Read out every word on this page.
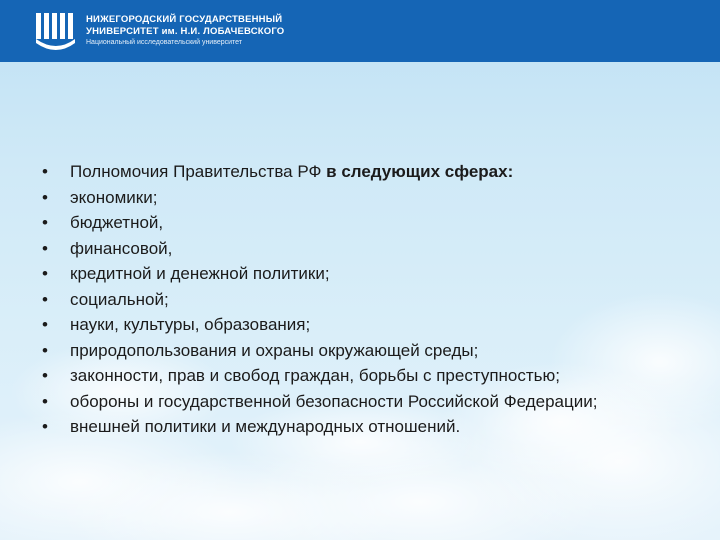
НИЖЕГОРОДСКИЙ ГОСУДАРСТВЕННЫЙ
УНИВЕРСИТЕТ им. Н.И. ЛОБАЧЕВСКОГО
Национальный исследовательский университет
• Полномочия Правительства РФ в следующих сферах:
• экономики;
• бюджетной,
• финансовой,
• кредитной и денежной политики;
• социальной;
• науки, культуры, образования;
• природопользования и охраны окружающей среды;
• законности, прав и свобод граждан, борьбы с преступностью;
• обороны и государственной безопасности Российской Федерации;
• внешней политики и международных отношений.
